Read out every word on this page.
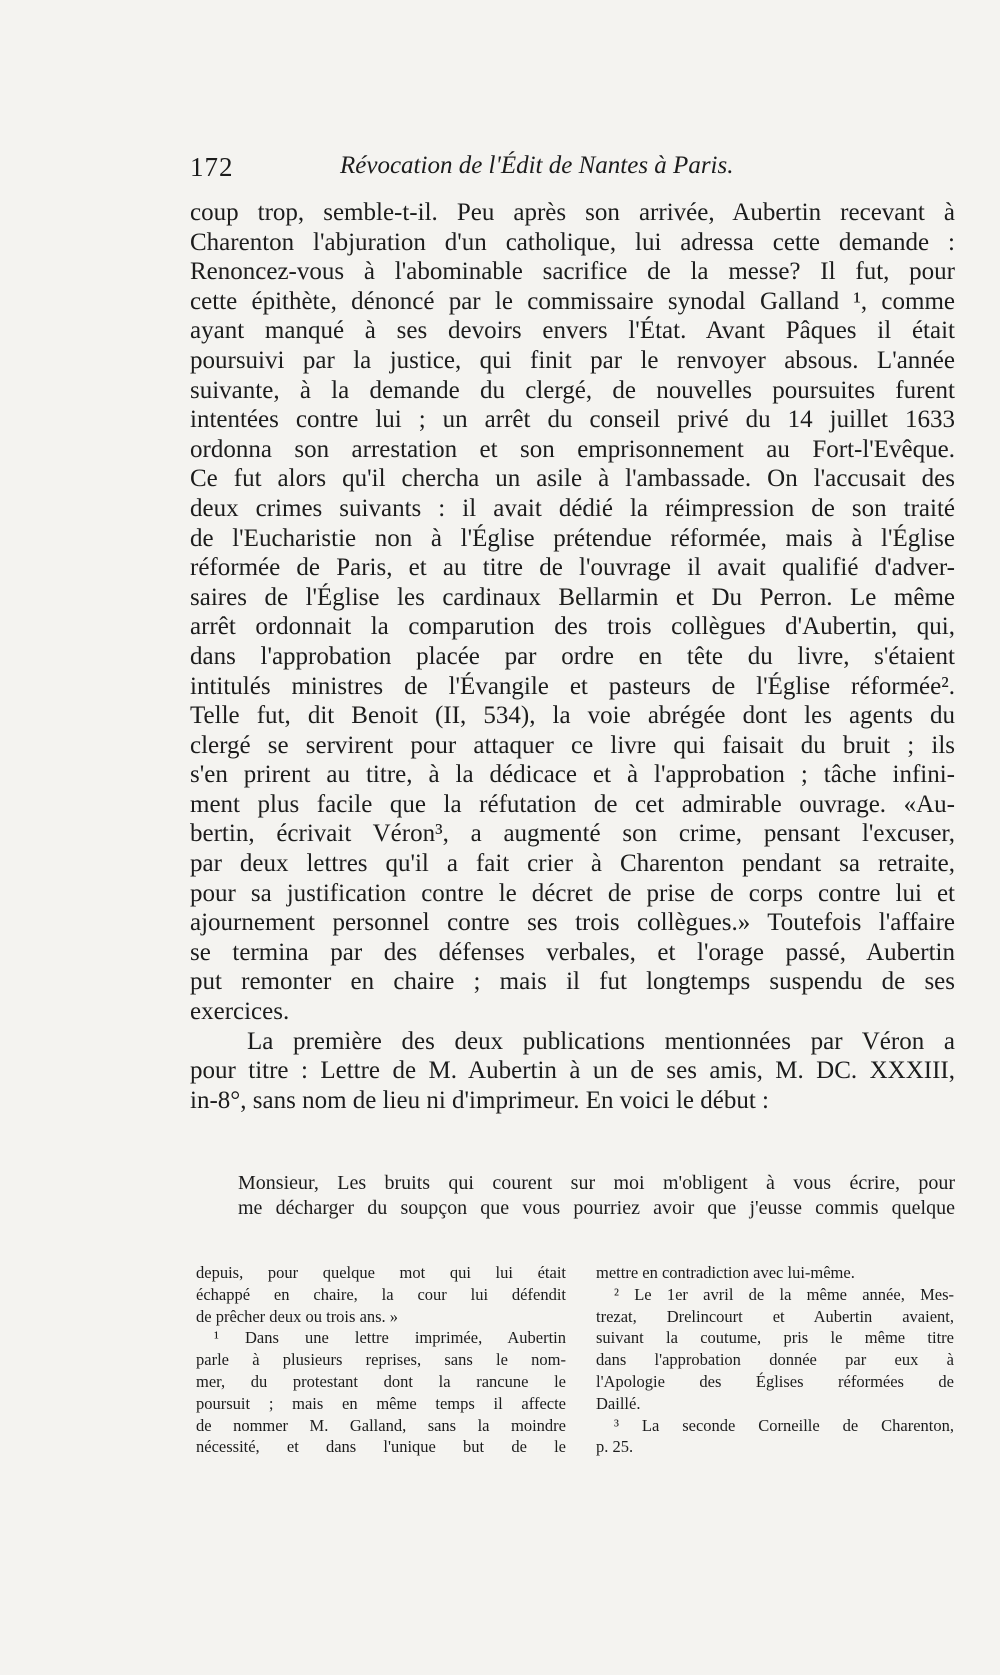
172	Révocation de l'Édit de Nantes à Paris.
coup trop, semble-t-il. Peu après son arrivée, Aubertin recevant à
Charenton l'abjuration d'un catholique, lui adressa cette demande :
Renoncez-vous à l'abominable sacrifice de la messe? Il fut, pour
cette épithète, dénoncé par le commissaire synodal Galland ¹, comme
ayant manqué à ses devoirs envers l'État. Avant Pâques il était
poursuivi par la justice, qui finit par le renvoyer absous. L'année
suivante, à la demande du clergé, de nouvelles poursuites furent
intentées contre lui ; un arrêt du conseil privé du 14 juillet 1633
ordonna son arrestation et son emprisonnement au Fort-l'Evêque.
Ce fut alors qu'il chercha un asile à l'ambassade. On l'accusait des
deux crimes suivants : il avait dédié la réimpression de son traité
de l'Eucharistie non à l'Église prétendue réformée, mais à l'Église
réformée de Paris, et au titre de l'ouvrage il avait qualifié d'adver-
saires de l'Église les cardinaux Bellarmin et Du Perron. Le même
arrêt ordonnait la comparution des trois collègues d'Aubertin, qui,
dans l'approbation placée par ordre en tête du livre, s'étaient
intitulés ministres de l'Évangile et pasteurs de l'Église réformée².
Telle fut, dit Benoit (II, 534), la voie abrégée dont les agents du
clergé se servirent pour attaquer ce livre qui faisait du bruit ; ils
s'en prirent au titre, à la dédicace et à l'approbation ; tâche infini-
ment plus facile que la réfutation de cet admirable ouvrage. «Au-
bertin, écrivait Véron³, a augmenté son crime, pensant l'excuser,
par deux lettres qu'il a fait crier à Charenton pendant sa retraite,
pour sa justification contre le décret de prise de corps contre lui et
ajournement personnel contre ses trois collègues.» Toutefois l'affaire
se termina par des défenses verbales, et l'orage passé, Aubertin
put remonter en chaire ; mais il fut longtemps suspendu de ses
exercices.
La première des deux publications mentionnées par Véron a
pour titre : Lettre de M. Aubertin à un de ses amis, M. DC. XXXIII,
in-8°, sans nom de lieu ni d'imprimeur. En voici le début :
Monsieur, Les bruits qui courent sur moi m'obligent à vous écrire, pour
me décharger du soupçon que vous pourriez avoir que j'eusse commis quelque
depuis, pour quelque mot qui lui était
échappé en chaire, la cour lui défendit
de prêcher deux ou trois ans. »
¹ Dans une lettre imprimée, Aubertin
parle à plusieurs reprises, sans le nom-
mer, du protestant dont la rancune le
poursuit ; mais en même temps il affecte
de nommer M. Galland, sans la moindre
nécessité, et dans l'unique but de le
mettre en contradiction avec lui-même.
² Le 1er avril de la même année, Mes-
trezat, Drelincourt et Aubertin avaient,
suivant la coutume, pris le même titre
dans l'approbation donnée par eux à
l'Apologie des Églises réformées de
Daillé.
³ La seconde Corneille de Charenton,
p. 25.
